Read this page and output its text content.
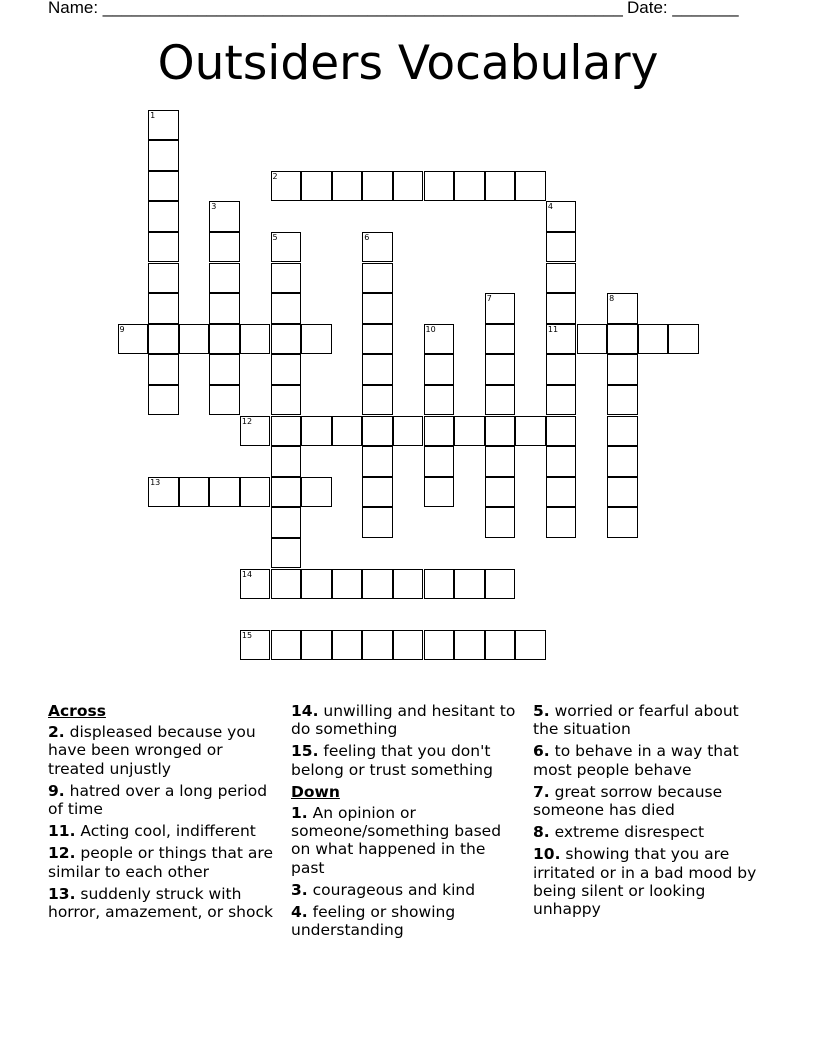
Name: _______________________________________________________ Date: _______
Outsiders Vocabulary
1
2
3	4
11
5	6
7	8
9	10
12
13
14
15
Across
2. displeased because you have been wronged or treated unjustly
9. hatred over a long period of time
11. Acting cool, indifferent
12. people or things that are similar to each other
13. suddenly struck with horror, amazement, or shock
14. unwilling and hesitant to do something
15. feeling that you don't belong or trust something
Down
1. An opinion or someone/something based on what happened in the past
3. courageous and kind
4. feeling or showing understanding
5. worried or fearful about the situation
6. to behave in a way that most people behave
7. great sorrow because someone has died
8. extreme disrespect
10. showing that you are irritated or in a bad mood by being silent or looking unhappy
